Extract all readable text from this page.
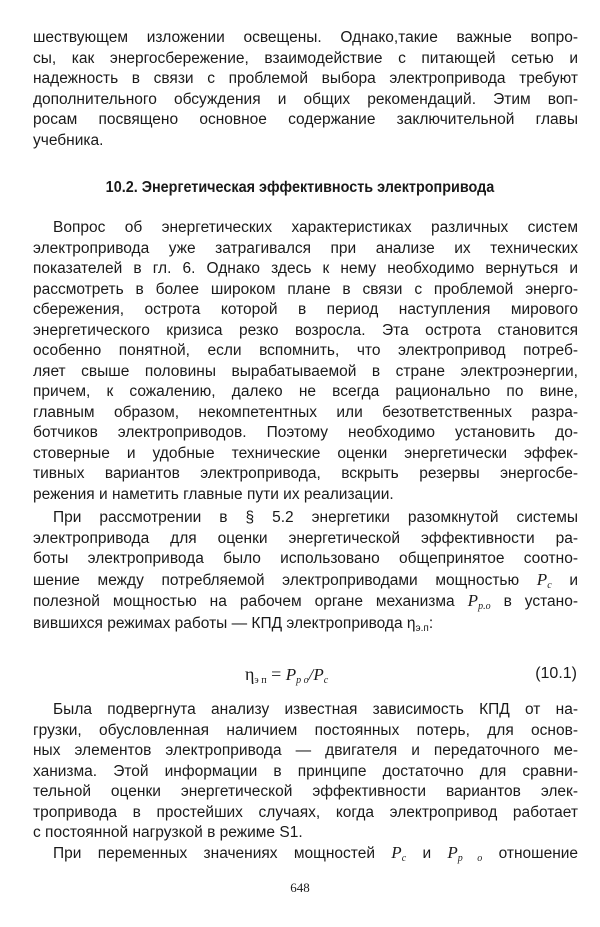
шествующем изложении освещены. Однако,такие важные вопро-
сы, как энергосбережение, взаимодействие с питающей сетью и
надежность в связи с проблемой выбора электропривода требуют
дополнительного обсуждения и общих рекомендаций. Этим воп-
росам посвящено основное содержание заключительной главы
учебника.
10.2. Энергетическая эффективность электропривода
Вопрос об энергетических характеристиках различных систем
электропривода уже затрагивался при анализе их технических
показателей в гл. 6. Однако здесь к нему необходимо вернуться и
рассмотреть в более широком плане в связи с проблемой энерго-
сбережения, острота которой в период наступления мирового
энергетического кризиса резко возросла. Эта острота становится
особенно понятной, если вспомнить, что электропривод потреб-
ляет свыше половины вырабатываемой в стране электроэнергии,
причем, к сожалению, далеко не всегда рационально по вине,
главным образом, некомпетентных или безответственных разра-
ботчиков электроприводов. Поэтому необходимо установить до-
стоверные и удобные технические оценки энергетически эффек-
тивных вариантов электропривода, вскрыть резервы энергосбе-
режения и наметить главные пути их реализации.
При рассмотрении в § 5.2 энергетики разомкнутой системы
электропривода для оценки энергетической эффективности ра-
боты электропривода было использовано общепринятое соотно-
шение между потребляемой электроприводами мощностью $P_с$ и
полезной мощностью на рабочем органе механизма $P_{р.о}$ в устано-
вившихся режимах работы — КПД электропривода $\eta_{э.п}$:
$\eta_{э п} = P_{р о}/P_с$	(10.1)
Была подвергнута анализу известная зависимость КПД от на-
грузки, обусловленная наличием постоянных потерь, для основ-
ных элементов электропривода — двигателя и передаточного ме-
ханизма. Этой информации в принципе достаточно для сравни-
тельной оценки энергетической эффективности вариантов элек-
тропривода в простейших случаях, когда электропривод работает
с постоянной нагрузкой в режиме S1.
При переменных значениях мощностей $P_с$ и $P_{р о}$ отношение
648
